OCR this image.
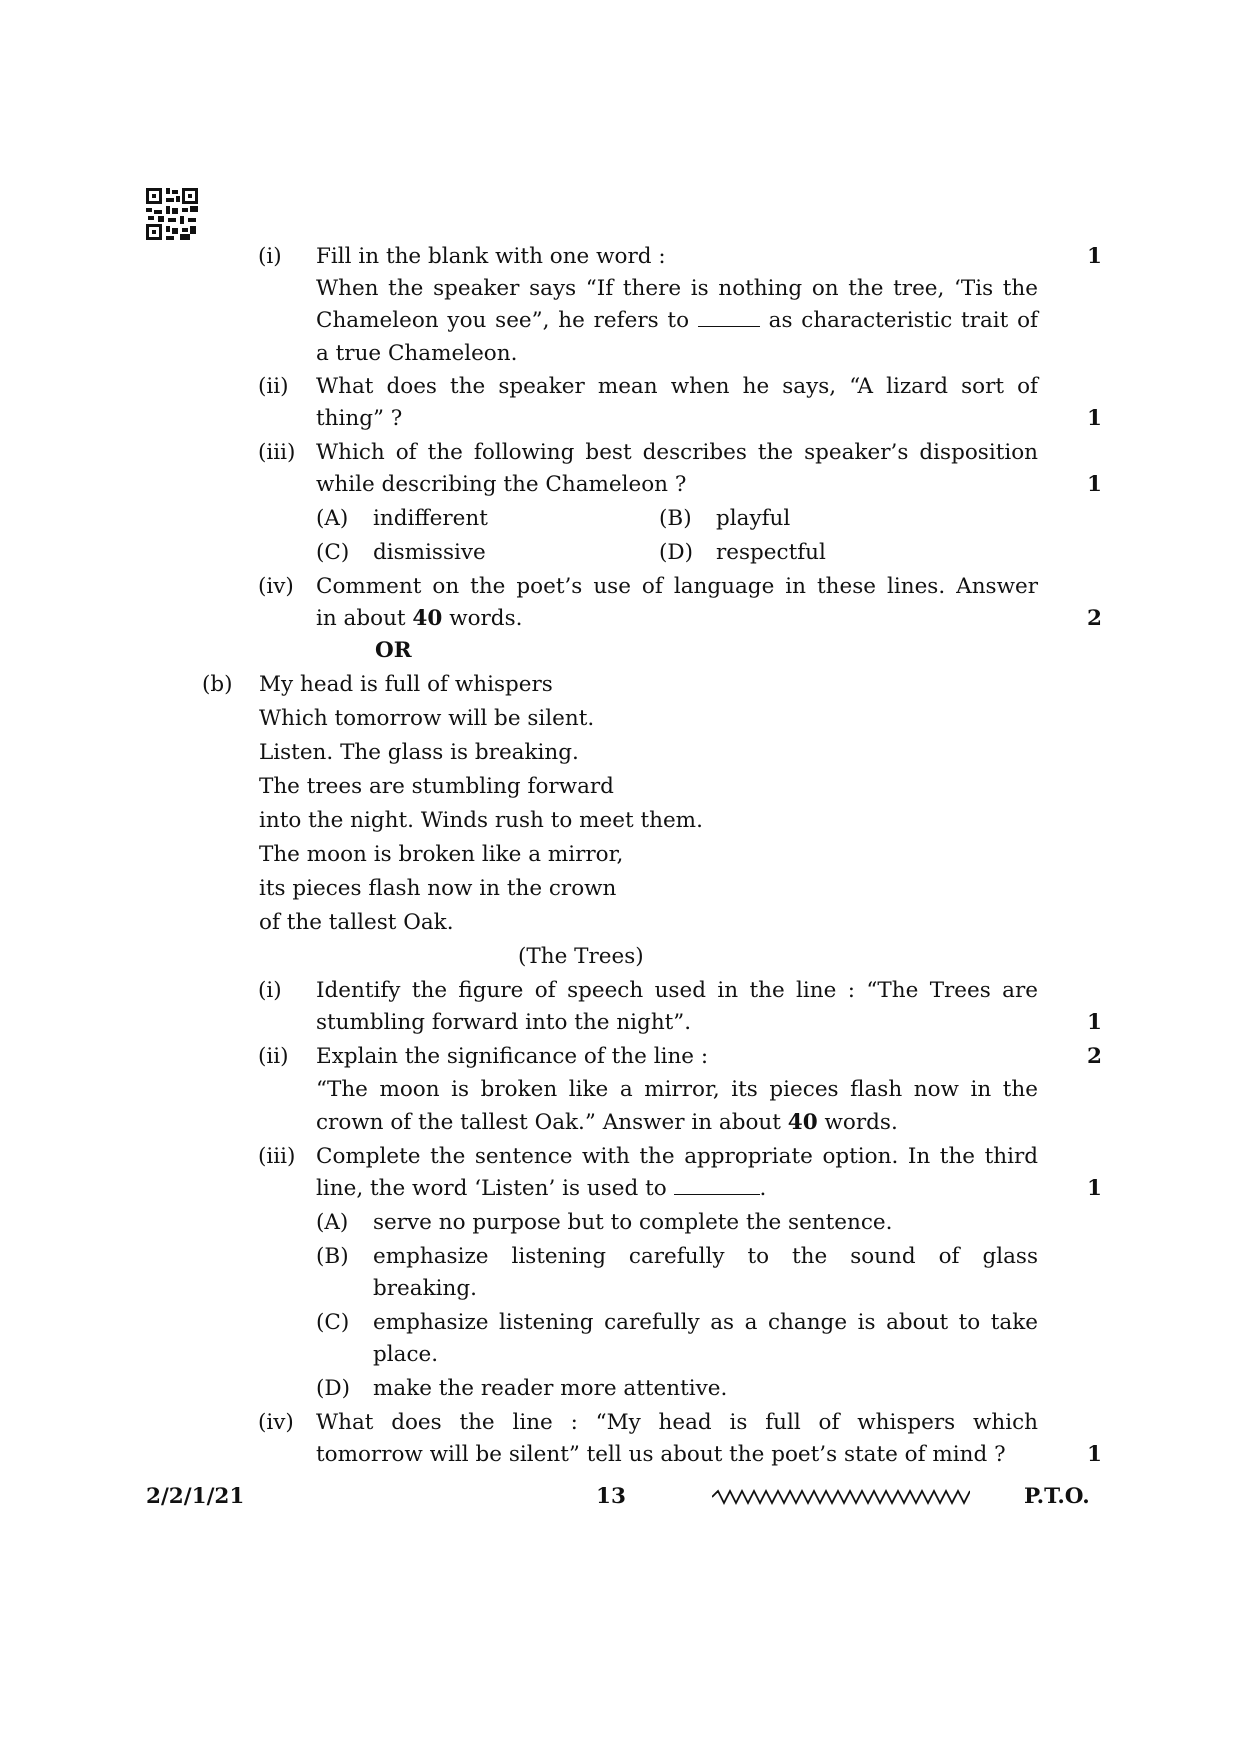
(i) Fill in the blank with one word :	1
When the speaker says “If there is nothing on the tree, ‘Tis the
Chameleon you see”, he refers to	as characteristic trait of
a true Chameleon.
(ii) What does the speaker mean when he says, “A lizard sort of
thing” ?	1
(iii) Which of the following best describes the speaker’s disposition
while describing the Chameleon ?	1
(A) indifferent	(B) playful
(C) dismissive	(D) respectful
(iv) Comment on the poet’s use of language in these lines. Answer
in about 40 words.	2
OR
(b) My head is full of whispers
Which tomorrow will be silent.
Listen. The glass is breaking.
The trees are stumbling forward
into the night. Winds rush to meet them.
The moon is broken like a mirror,
its pieces flash now in the crown
of the tallest Oak.
(The Trees)
(i) Identify the figure of speech used in the line : “The Trees are
stumbling forward into the night”.	1
(ii) Explain the significance of the line :	2
“The moon is broken like a mirror, its pieces flash now in the
crown of the tallest Oak.” Answer in about 40 words.
(iii) Complete the sentence with the appropriate option. In the third
line, the word ‘Listen’ is used to	.	1
(A) serve no purpose but to complete the sentence.
(B) emphasize listening carefully to the sound of glass
breaking.
(C) emphasize listening carefully as a change is about to take
place.
(D) make the reader more attentive.
(iv) What does the line : “My head is full of whispers which
tomorrow will be silent” tell us about the poet’s state of mind ?	1
2/2/1/21	13	P.T.O.
